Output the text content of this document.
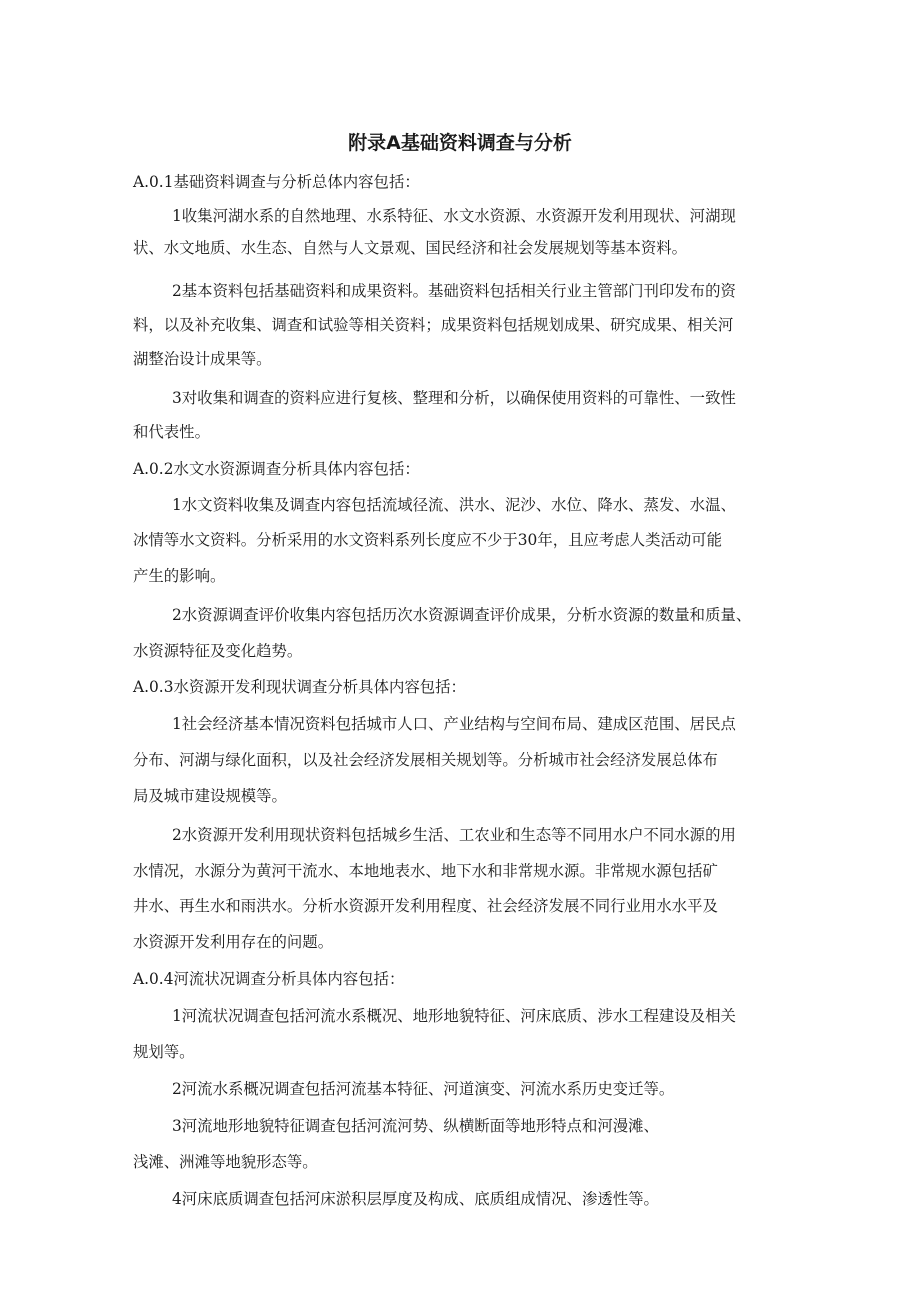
附录A基础资料调查与分析
A.0.1基础资料调查与分析总体内容包括：
1收集河湖水系的自然地理、水系特征、水文水资源、水资源开发利用现状、河湖现
状、水文地质、水生态、自然与人文景观、国民经济和社会发展规划等基本资料。
2基本资料包括基础资料和成果资料。基础资料包括相关行业主管部门刊印发布的资
料，以及补充收集、调查和试验等相关资料；成果资料包括规划成果、研究成果、相关河
湖整治设计成果等。
3对收集和调查的资料应进行复核、整理和分析，以确保使用资料的可靠性、一致性
和代表性。
A.0.2水文水资源调查分析具体内容包括：
1水文资料收集及调查内容包括流域径流、洪水、泥沙、水位、降水、蒸发、水温、
冰情等水文资料。分析采用的水文资料系列长度应不少于30年，且应考虑人类活动可能
产生的影响。
2水资源调查评价收集内容包括历次水资源调查评价成果，分析水资源的数量和质量、
水资源特征及变化趋势。
A.0.3水资源开发利现状调查分析具体内容包括：
1社会经济基本情况资料包括城市人口、产业结构与空间布局、建成区范围、居民点
分布、河湖与绿化面积，以及社会经济发展相关规划等。分析城市社会经济发展总体布
局及城市建设规模等。
2水资源开发利用现状资料包括城乡生活、工农业和生态等不同用水户不同水源的用
水情况，水源分为黄河干流水、本地地表水、地下水和非常规水源。非常规水源包括矿
井水、再生水和雨洪水。分析水资源开发利用程度、社会经济发展不同行业用水水平及
水资源开发利用存在的问题。
A.0.4河流状况调查分析具体内容包括：
1河流状况调查包括河流水系概况、地形地貌特征、河床底质、涉水工程建设及相关
规划等。
2河流水系概况调查包括河流基本特征、河道演变、河流水系历史变迁等。
3河流地形地貌特征调查包括河流河势、纵横断面等地形特点和河漫滩、
浅滩、洲滩等地貌形态等。
4河床底质调查包括河床淤积层厚度及构成、底质组成情况、渗透性等。
